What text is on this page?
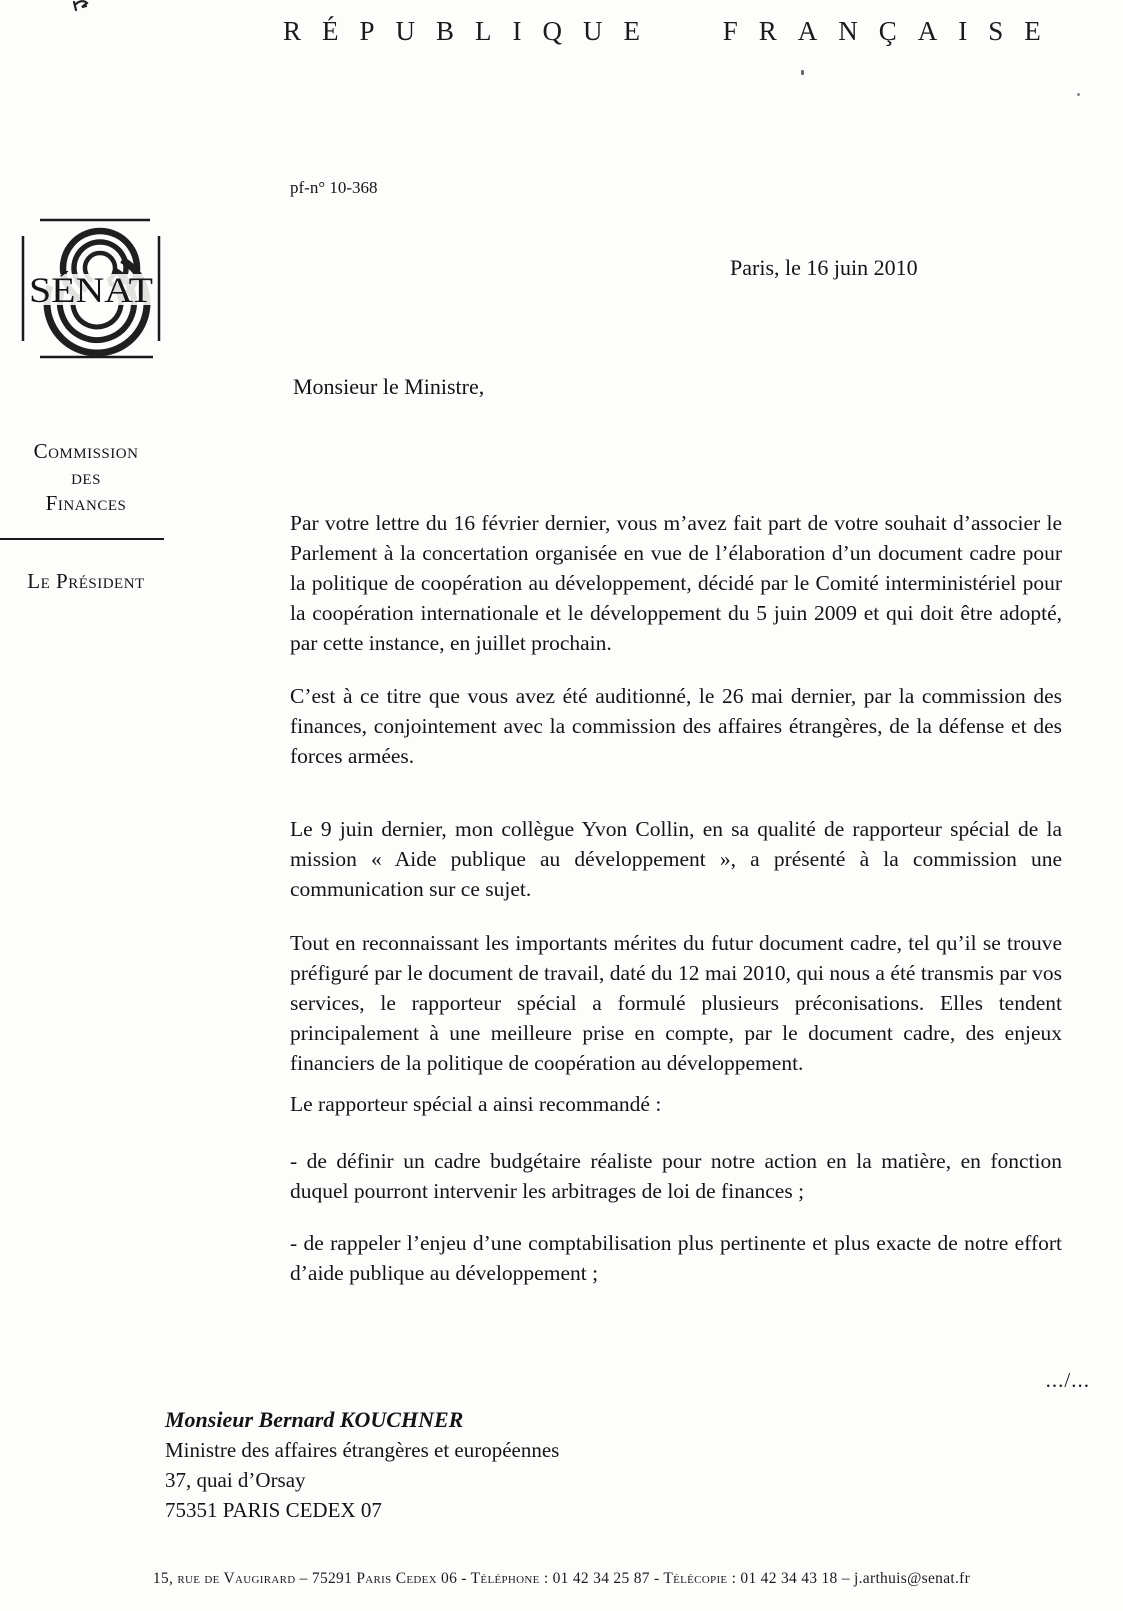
RÉPUBLIQUE FRANÇAISE
pf-n° 10-368
SÉNAT
Paris, le 16 juin 2010
Commission
des
Finances
Le Président
Monsieur le Ministre,

Par votre lettre du 16 février dernier, vous m’avez fait part de votre souhait d’associer le Parlement à la concertation organisée en vue de l’élaboration d’un document cadre pour la politique de coopération au développement, décidé par le Comité interministériel pour la coopération internationale et le développement du 5 juin 2009 et qui doit être adopté, par cette instance, en juillet prochain.

C’est à ce titre que vous avez été auditionné, le 26 mai dernier, par la commission des finances, conjointement avec la commission des affaires étrangères, de la défense et des forces armées.

Le 9 juin dernier, mon collègue Yvon Collin, en sa qualité de rapporteur spécial de la mission « Aide publique au développement », a présenté à la commission une communication sur ce sujet.

Tout en reconnaissant les importants mérites du futur document cadre, tel qu’il se trouve préfiguré par le document de travail, daté du 12 mai 2010, qui nous a été transmis par vos services, le rapporteur spécial a formulé plusieurs préconisations. Elles tendent principalement à une meilleure prise en compte, par le document cadre, des enjeux financiers de la politique de coopération au développement.

Le rapporteur spécial a ainsi recommandé :

- de définir un cadre budgétaire réaliste pour notre action en la matière, en fonction duquel pourront intervenir les arbitrages de loi de finances ;

- de rappeler l’enjeu d’une comptabilisation plus pertinente et plus exacte de notre effort d’aide publique au développement ;

.../...
Monsieur Bernard KOUCHNER
Ministre des affaires étrangères et européennes
37, quai d’Orsay
75351 PARIS CEDEX 07
15, rue de Vaugirard – 75291 Paris Cedex 06 - Téléphone : 01 42 34 25 87 - Télécopie : 01 42 34 43 18 – j.arthuis@senat.fr
